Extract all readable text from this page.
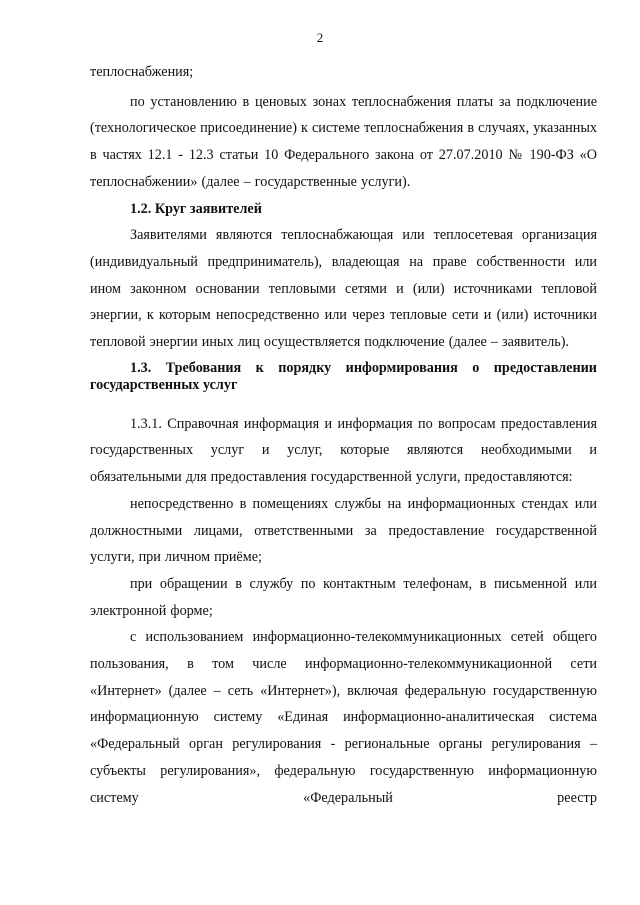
2

теплоснабжения;

по установлению в ценовых зонах теплоснабжения платы за подключение (технологическое присоединение) к системе теплоснабжения в случаях, указанных в частях 12.1 - 12.3 статьи 10 Федерального закона от 27.07.2010 № 190-ФЗ «О теплоснабжении» (далее – государственные услуги).

1.2. Круг заявителей

Заявителями являются теплоснабжающая или теплосетевая организация (индивидуальный предприниматель), владеющая на праве собственности или ином законном основании тепловыми сетями и (или) источниками тепловой энергии, к которым непосредственно или через тепловые сети и (или) источники тепловой энергии иных лиц осуществляется подключение (далее – заявитель).

1.3. Требования к порядку информирования о предоставлении государственных услуг

1.3.1. Справочная информация и информация по вопросам предоставления государственных услуг и услуг, которые являются необходимыми и обязательными для предоставления государственной услуги, предоставляются:

непосредственно в помещениях службы на информационных стендах или должностными лицами, ответственными за предоставление государственной услуги, при личном приёме;

при обращении в службу по контактным телефонам, в письменной или электронной форме;

с использованием информационно-телекоммуникационных сетей общего пользования, в том числе информационно-телекоммуникационной сети «Интернет» (далее – сеть «Интернет»), включая федеральную государственную информационную систему «Единая информационно-аналитическая система «Федеральный орган регулирования - региональные органы регулирования – субъекты регулирования», федеральную государственную информационную систему «Федеральный реестр
